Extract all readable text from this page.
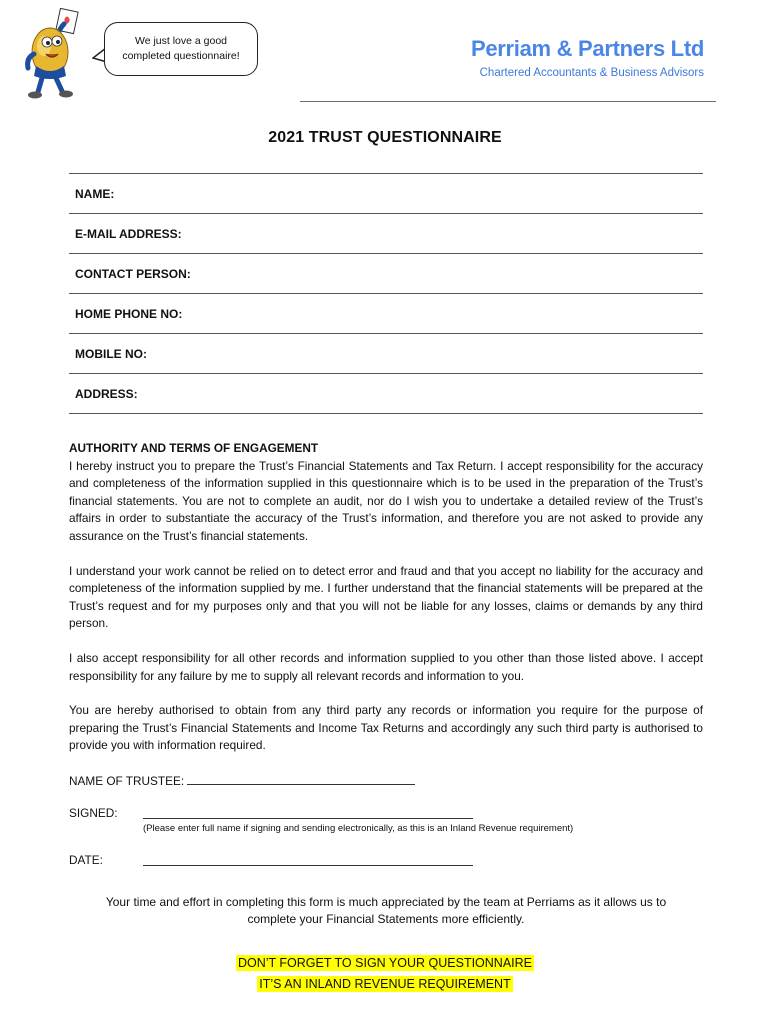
We just love a good
completed questionnaire!	Perriam & Partners Ltd
Chartered Accountants & Business Advisors
2021 TRUST QUESTIONNAIRE
NAME:
E-MAIL ADDRESS:
CONTACT PERSON:
HOME PHONE NO:
MOBILE NO:
ADDRESS:
AUTHORITY AND TERMS OF ENGAGEMENT

I hereby instruct you to prepare the Trust’s Financial Statements and Tax Return. I accept responsibility for the accuracy and completeness of the information supplied in this questionnaire which is to be used in the preparation of the Trust’s financial statements. You are not to complete an audit, nor do I wish you to undertake a detailed review of the Trust’s affairs in order to substantiate the accuracy of the Trust’s information, and therefore you are not asked to provide any assurance on the Trust’s financial statements.

I understand your work cannot be relied on to detect error and fraud and that you accept no liability for the accuracy and completeness of the information supplied by me. I further understand that the financial statements will be prepared at the Trust’s request and for my purposes only and that you will not be liable for any losses, claims or demands by any third person.

I also accept responsibility for all other records and information supplied to you other than those listed above. I accept responsibility for any failure by me to supply all relevant records and information to you.

You are hereby authorised to obtain from any third party any records or information you require for the purpose of preparing the Trust’s Financial Statements and Income Tax Returns and accordingly any such third party is authorised to provide you with information required.

NAME OF TRUSTEE:
SIGNED:
(Please enter full name if signing and sending electronically, as this is an Inland Revenue requirement)
DATE:
Your time and effort in completing this form is much appreciated by the team at Perriams as it allows us to complete your Financial Statements more efficiently.
DON’T FORGET TO SIGN YOUR QUESTIONNAIRE
IT’S AN INLAND REVENUE REQUIREMENT
